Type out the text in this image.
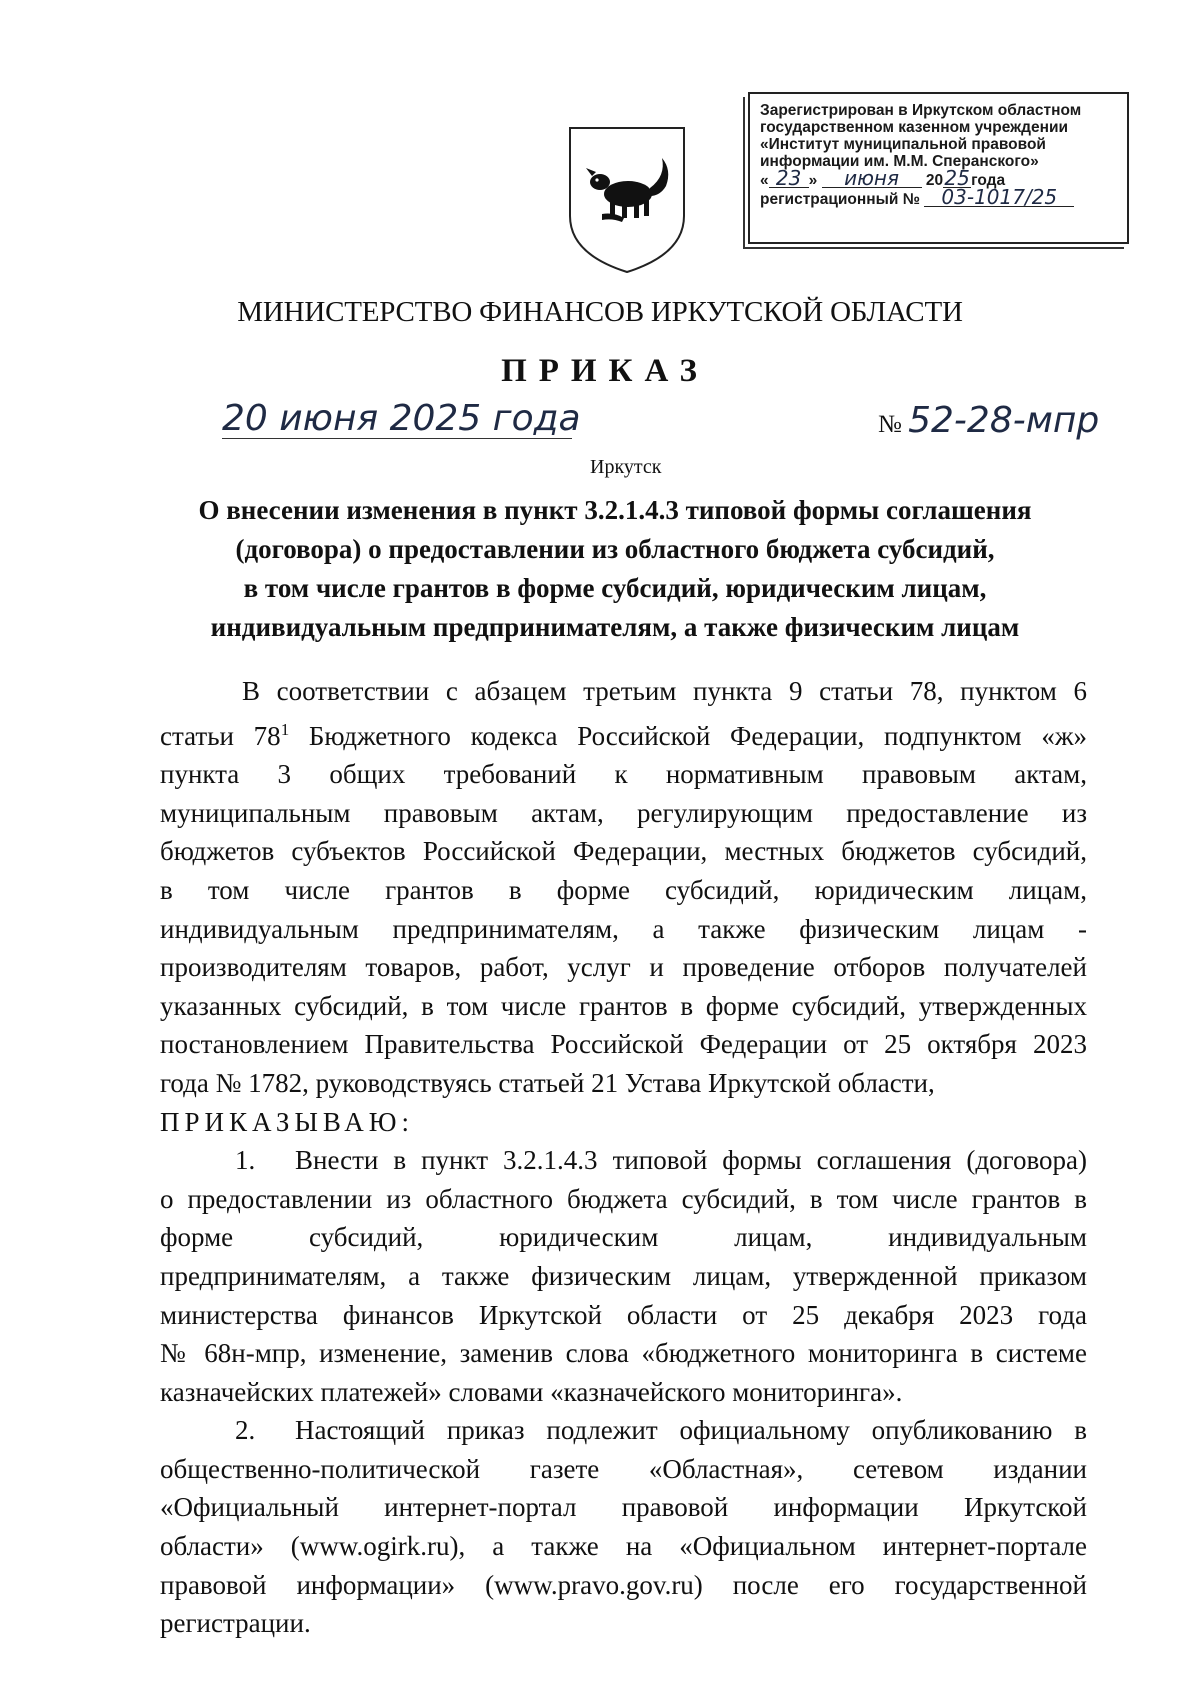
Зарегистрирован в Иркутском областном
государственном казенном учреждении
«Институт муниципальной правовой
информации им. М.М. Сперанского»
« 23 » июня 2025года
регистрационный № 03-1017/25
МИНИСТЕРСТВО ФИНАНСОВ ИРКУТСКОЙ ОБЛАСТИ
ПРИКАЗ
20 июня 2025 года	№ 52-28-мпр
Иркутск
О внесении изменения в пункт 3.2.1.4.3 типовой формы соглашения
(договора) о предоставлении из областного бюджета субсидий,
в том числе грантов в форме субсидий, юридическим лицам,
индивидуальным предпринимателям, а также физическим лицам
В соответствии с абзацем третьим пункта 9 статьи 78, пунктом 6
статьи $78^1$ Бюджетного кодекса Российской Федерации, подпунктом «ж»
пункта 3 общих требований к нормативным правовым актам,
муниципальным правовым актам, регулирующим предоставление из
бюджетов субъектов Российской Федерации, местных бюджетов субсидий,
в том числе грантов в форме субсидий, юридическим лицам,
индивидуальным предпринимателям, а также физическим лицам -
производителям товаров, работ, услуг и проведение отборов получателей
указанных субсидий, в том числе грантов в форме субсидий, утвержденных
постановлением Правительства Российской Федерации от 25 октября 2023
года № 1782, руководствуясь статьей 21 Устава Иркутской области,
ПРИКАЗЫВАЮ:
1. Внести в пункт 3.2.1.4.3 типовой формы соглашения (договора)
о предоставлении из областного бюджета субсидий, в том числе грантов в
форме субсидий, юридическим лицам, индивидуальным
предпринимателям, а также физическим лицам, утвержденной приказом
министерства финансов Иркутской области от 25 декабря 2023 года
№ 68н-мпр, изменение, заменив слова «бюджетного мониторинга в системе
казначейских платежей» словами «казначейского мониторинга».
2. Настоящий приказ подлежит официальному опубликованию в
общественно-политической газете «Областная», сетевом издании
«Официальный интернет-портал правовой информации Иркутской
области» (www.ogirk.ru), а также на «Официальном интернет-портале
правовой информации» (www.pravo.gov.ru) после его государственной
регистрации.
